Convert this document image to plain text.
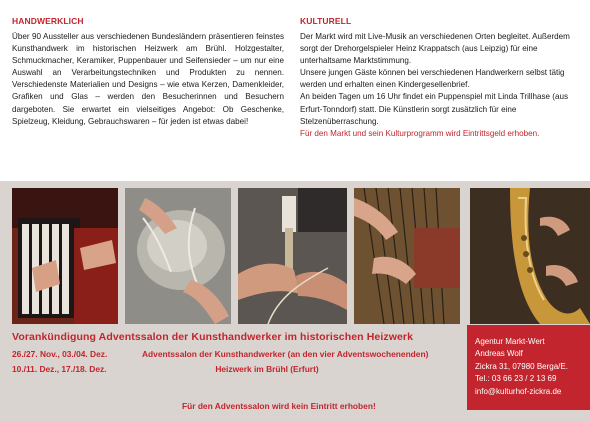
HANDWERKLICH

Über 90 Aussteller aus verschiedenen Bundesländern präsentieren feinstes Kunsthandwerk im historischen Heizwerk am Brühl. Holzgestalter, Schmuckmacher, Keramiker, Puppenbauer und Seifensieder – um nur eine Auswahl an Verarbeitungstechniken und Produkten zu nennen. Verschiedenste Materialien und Designs – wie etwa Kerzen, Damenkleider, Grafiken und Glas – werden den Besucherinnen und Besuchern dargeboten. Sie erwartet ein vielseitiges Angebot: Ob Geschenke, Spielzeug, Kleidung, Gebrauchswaren – für jeden ist etwas dabei!

KULTURELL

Der Markt wird mit Live-Musik an verschiedenen Orten begleitet. Außerdem sorgt der Drehorgelspieler Heinz Krappatsch (aus Leipzig) für eine unterhaltsame Marktstimmung.

Unsere jungen Gäste können bei verschiedenen Handwerkern selbst tätig werden und erhalten einen Kindergesellenbrief.

An beiden Tagen um 16 Uhr findet ein Puppenspiel mit Linda Trillhase (aus Erfurt-Tonndorf) statt. Die Künstlerin sorgt zusätzlich für eine Stelzenüberraschung.

Für den Markt und sein Kulturprogramm wird Eintrittsgeld erhoben.

Vorankündigung Adventssalon der Kunsthandwerker im historischen Heizwerk
26./27. Nov., 03./04. Dez.	Adventssalon der Kunsthandwerker (an den vier Adventswochenenden)
10./11. Dez., 17./18. Dez.	Heizwerk im Brühl (Erfurt)
Für den Adventssalon wird kein Eintritt erhoben!

Agentur Markt-Wert

Andreas Wolf

Zickra 31, 07980 Berga/E.

Tel.: 03 66 23 / 2 13 69

info@kulturhof-zickra.de
